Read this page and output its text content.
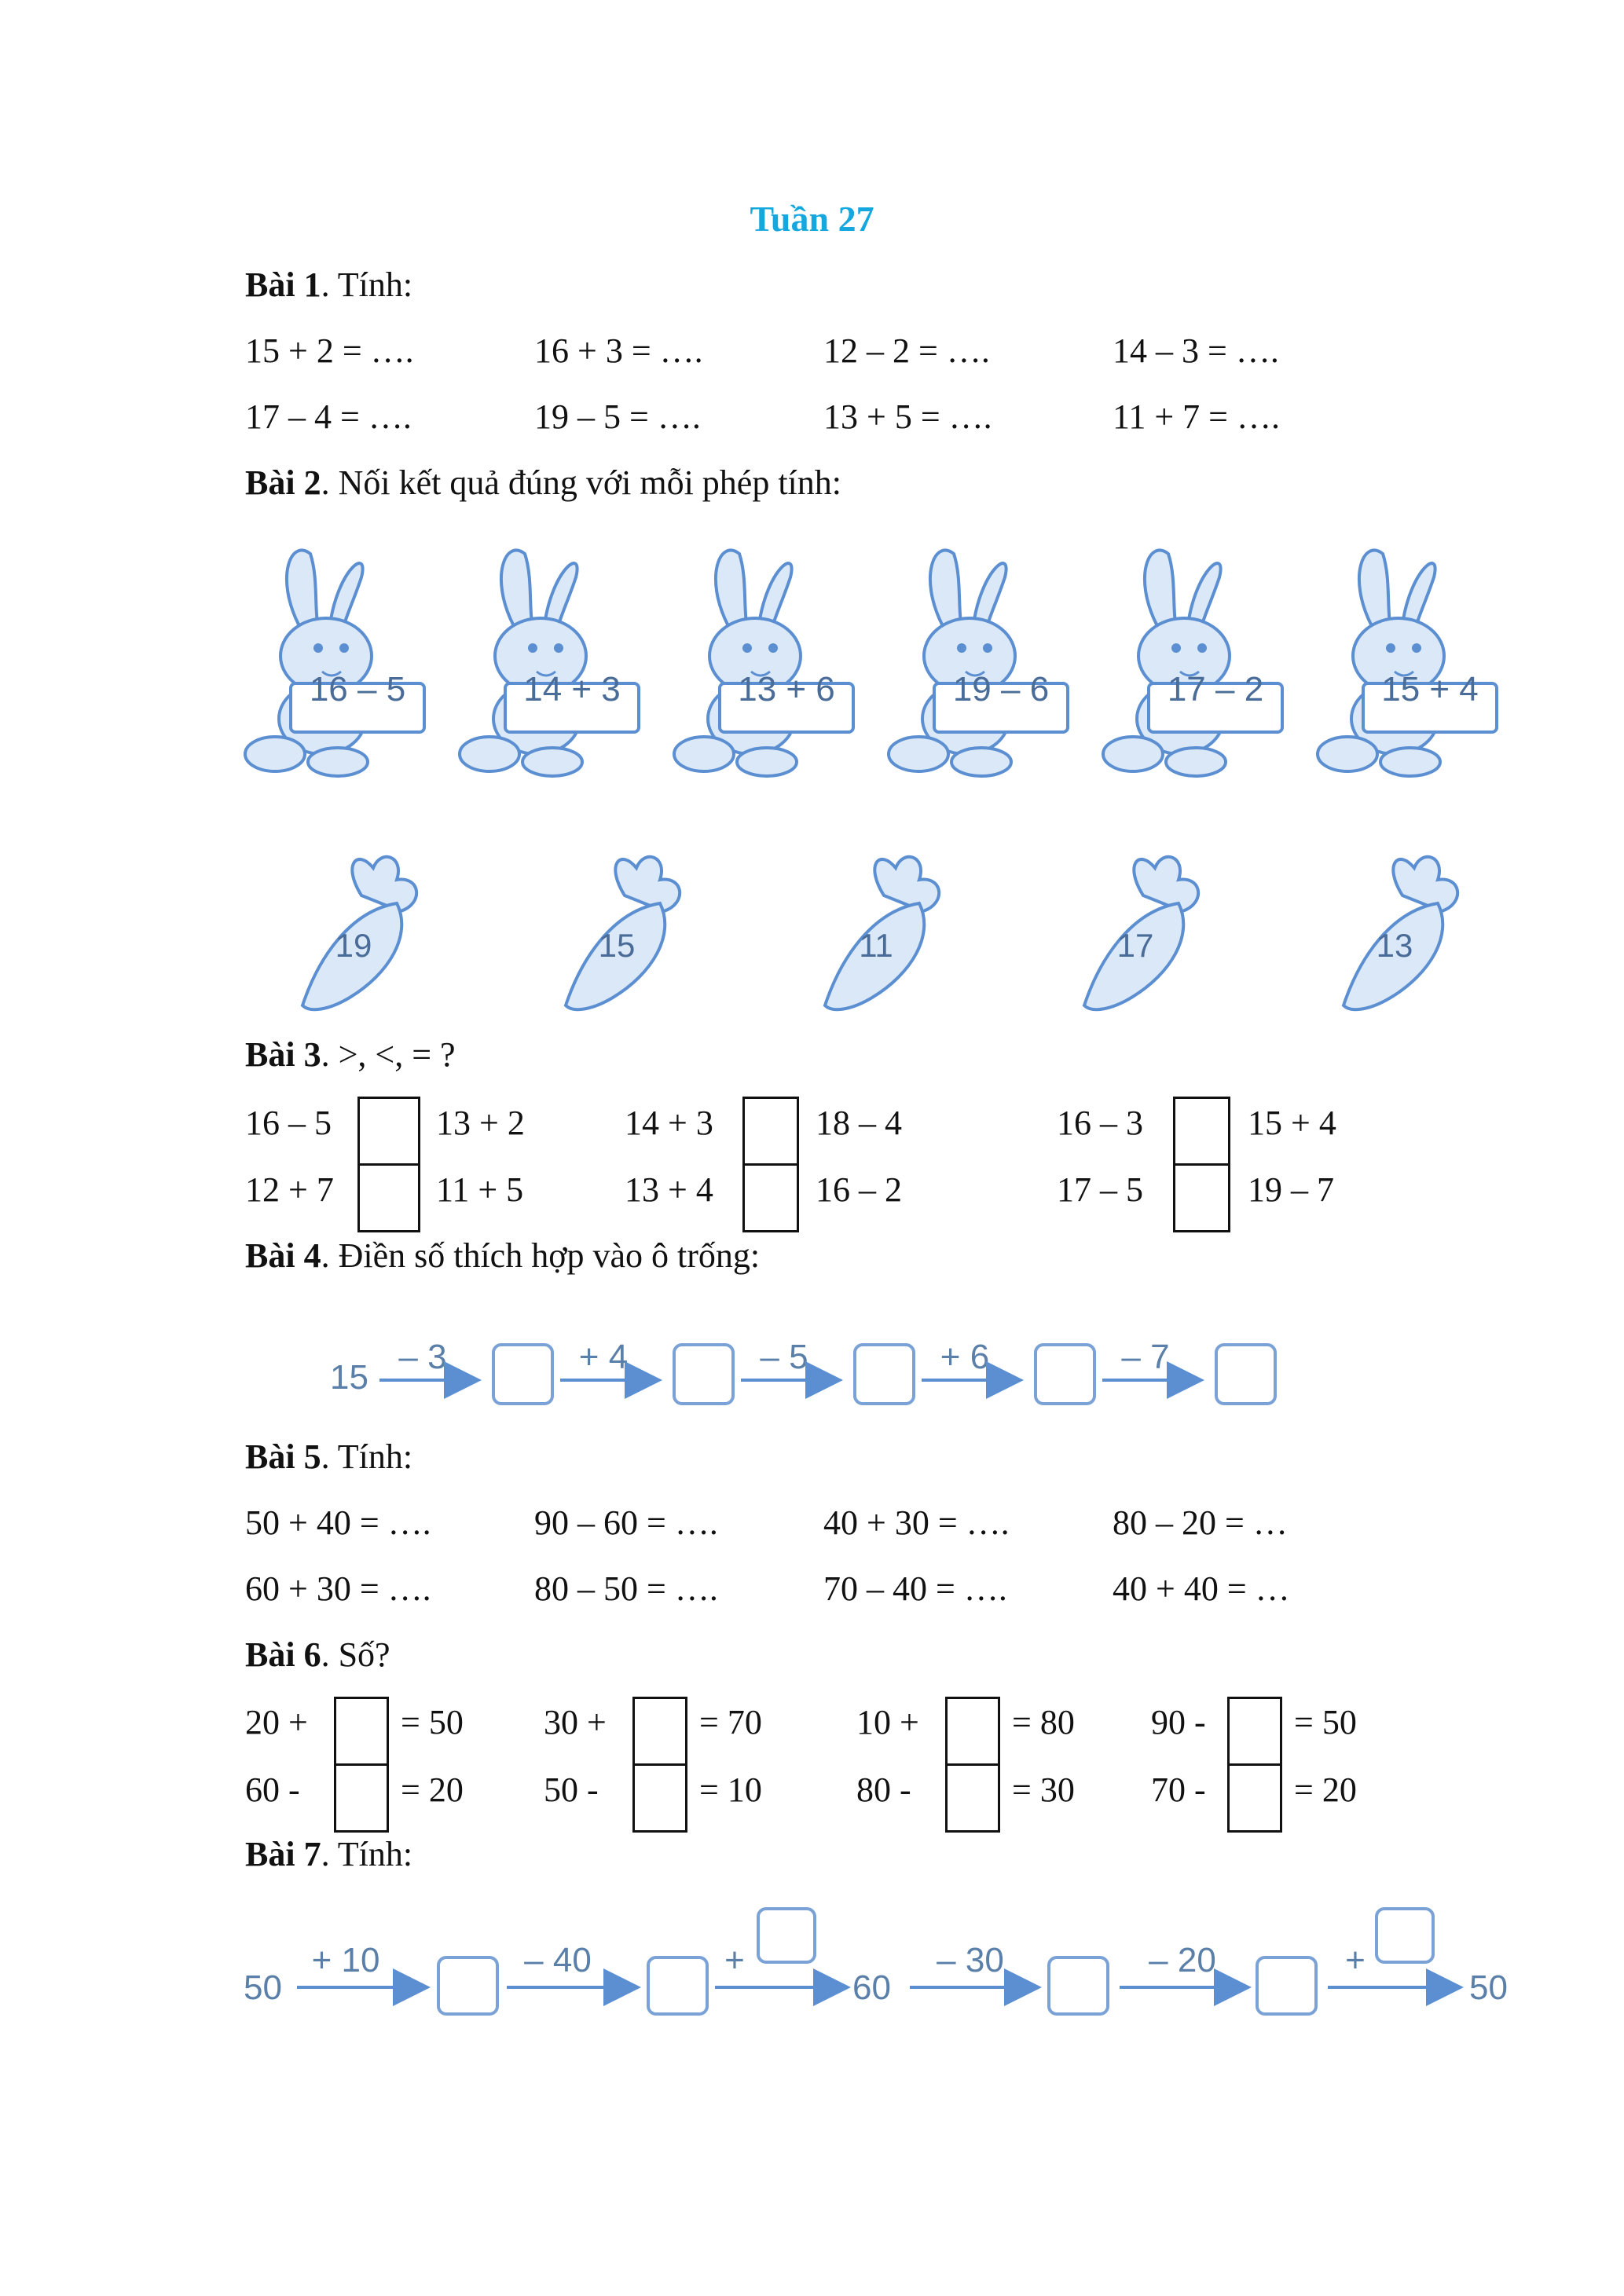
Tuần 27
Bài 1. Tính:
15 + 2 = ….	16 + 3 = ….	12 – 2 = ….	14 – 3 = ….
17 – 4 = ….	19 – 5 = ….	13 + 5 = ….	11 + 7 = ….
Bài 2. Nối kết quả đúng với mỗi phép tính:
16 – 5	14 + 3	13 + 6	19 – 6	17 – 2	15 + 4
19	15	11	17	13
15
– 3	+ 4	– 5	+ 6	– 7
50
+ 10	– 40	+
60
– 30	– 20	+
50
Bài 3. >, <, = ?
16 – 5	13 + 2	14 + 3	18 – 4	16 – 3	15 + 4
12 + 7	11 + 5	13 + 4	16 – 2	17 – 5	19 – 7
Bài 4. Điền số thích hợp vào ô trống:
Bài 5. Tính:
50 + 40 = ….	90 – 60 = ….	40 + 30 = ….	80 – 20 = …
60 + 30 = ….	80 – 50 = ….	70 – 40 = ….	40 + 40 = …
Bài 6. Số?
20 +	= 50 30 +	= 70	10 +	= 80 90 -	= 50
60 -	= 20 50 -	= 10	80 -	= 30 70 -	= 20
Bài 7. Tính:
